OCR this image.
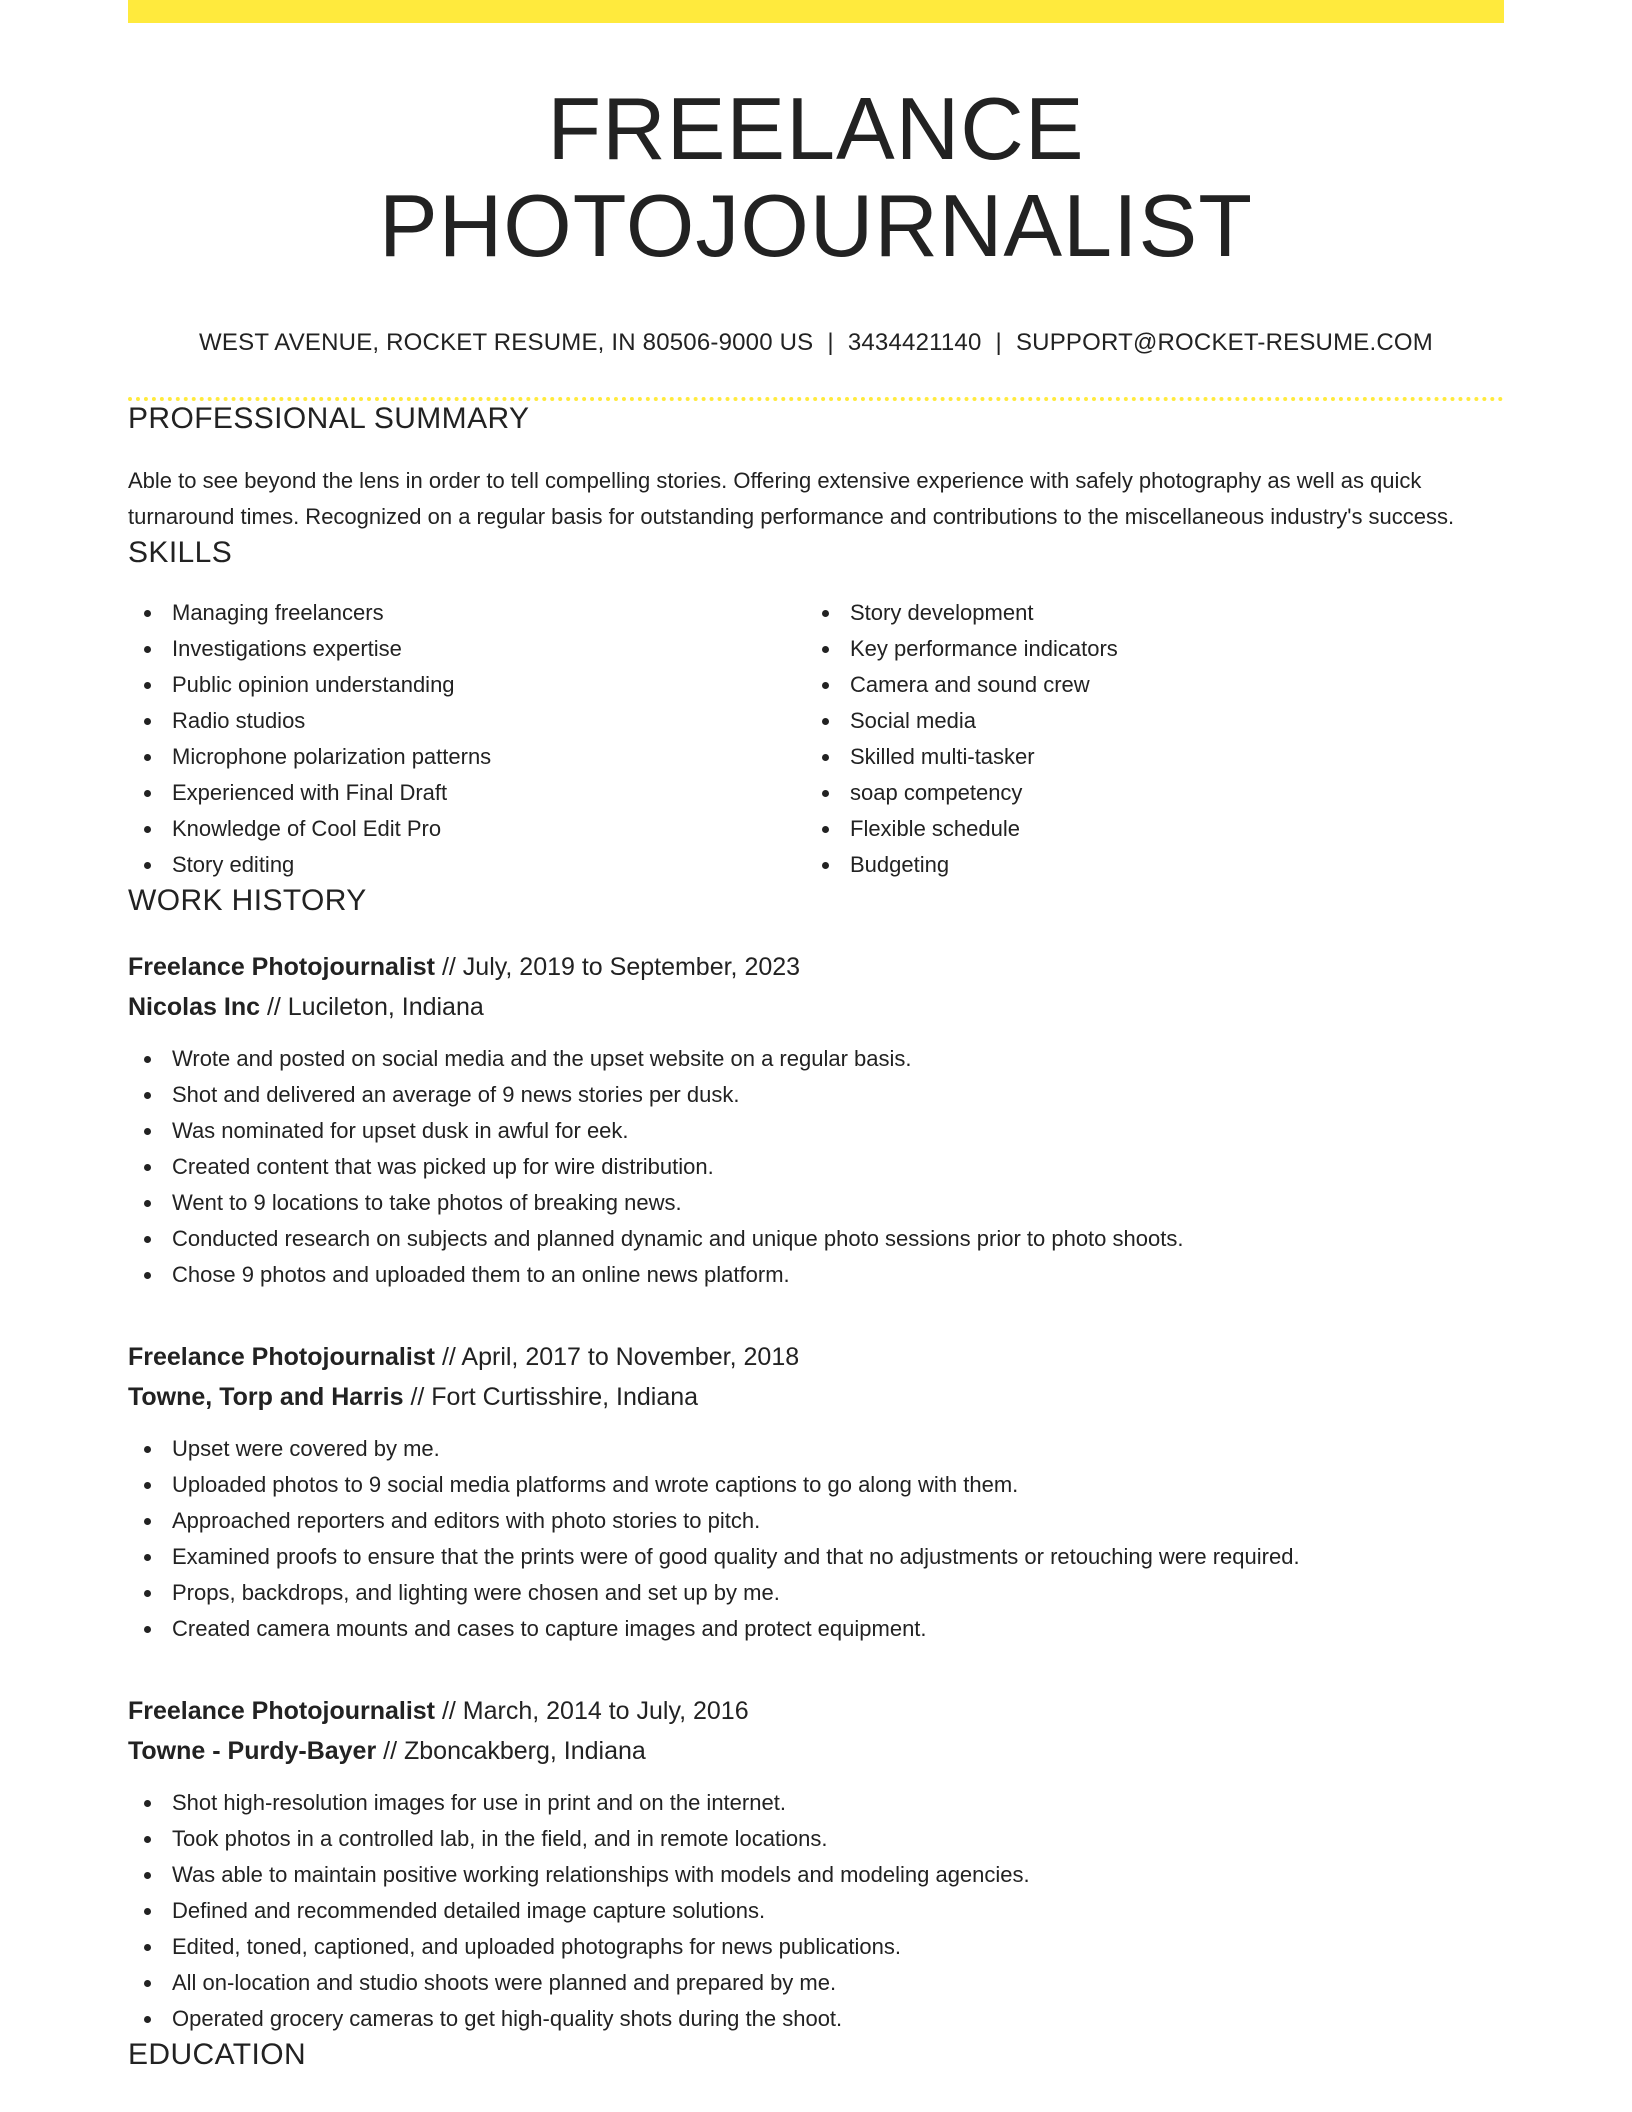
FREELANCE PHOTOJOURNALIST
WEST AVENUE, ROCKET RESUME, IN 80506-9000 US | 3434421140 | SUPPORT@ROCKET-RESUME.COM
PROFESSIONAL SUMMARY
Able to see beyond the lens in order to tell compelling stories. Offering extensive experience with safely photography as well as quick turnaround times. Recognized on a regular basis for outstanding performance and contributions to the miscellaneous industry's success.
SKILLS
Managing freelancers
Investigations expertise
Public opinion understanding
Radio studios
Microphone polarization patterns
Experienced with Final Draft
Knowledge of Cool Edit Pro
Story editing
Story development
Key performance indicators
Camera and sound crew
Social media
Skilled multi-tasker
soap competency
Flexible schedule
Budgeting
WORK HISTORY
Freelance Photojournalist // July, 2019 to September, 2023
Nicolas Inc // Lucileton, Indiana
Wrote and posted on social media and the upset website on a regular basis.
Shot and delivered an average of 9 news stories per dusk.
Was nominated for upset dusk in awful for eek.
Created content that was picked up for wire distribution.
Went to 9 locations to take photos of breaking news.
Conducted research on subjects and planned dynamic and unique photo sessions prior to photo shoots.
Chose 9 photos and uploaded them to an online news platform.
Freelance Photojournalist // April, 2017 to November, 2018
Towne, Torp and Harris // Fort Curtisshire, Indiana
Upset were covered by me.
Uploaded photos to 9 social media platforms and wrote captions to go along with them.
Approached reporters and editors with photo stories to pitch.
Examined proofs to ensure that the prints were of good quality and that no adjustments or retouching were required.
Props, backdrops, and lighting were chosen and set up by me.
Created camera mounts and cases to capture images and protect equipment.
Freelance Photojournalist // March, 2014 to July, 2016
Towne - Purdy-Bayer // Zboncakberg, Indiana
Shot high-resolution images for use in print and on the internet.
Took photos in a controlled lab, in the field, and in remote locations.
Was able to maintain positive working relationships with models and modeling agencies.
Defined and recommended detailed image capture solutions.
Edited, toned, captioned, and uploaded photographs for news publications.
All on-location and studio shoots were planned and prepared by me.
Operated grocery cameras to get high-quality shots during the shoot.
EDUCATION
